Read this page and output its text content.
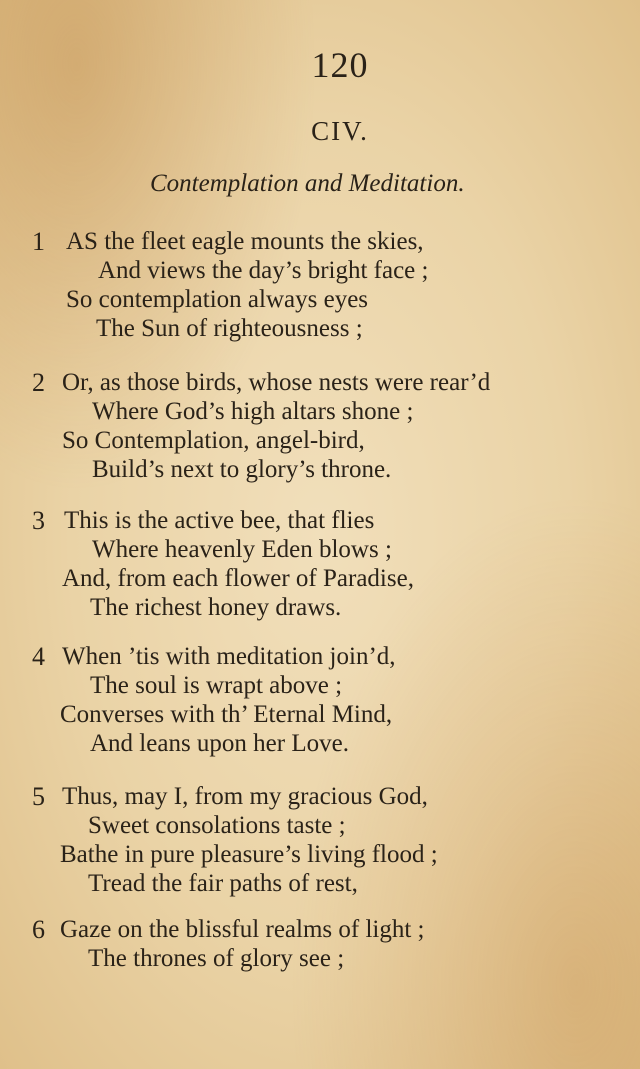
120
CIV.
Contemplation and Meditation.
1 AS the fleet eagle mounts the skies,
And views the day’s bright face ;
So contemplation always eyes
The Sun of righteousness ;
2 Or, as those birds, whose nests were rear’d
Where God’s high altars shone ;
So Contemplation, angel-bird,
Build’s next to glory’s throne.
3 This is the active bee, that flies
Where heavenly Eden blows ;
And, from each flower of Paradise,
The richest honey draws.
4 When ’tis with meditation join’d,
The soul is wrapt above ;
Converses with th’ Eternal Mind,
And leans upon her Love.
5 Thus, may I, from my gracious God,
Sweet consolations taste ;
Bathe in pure pleasure’s living flood ;
Tread the fair paths of rest,
6 Gaze on the blissful realms of light ;
The thrones of glory see ;
